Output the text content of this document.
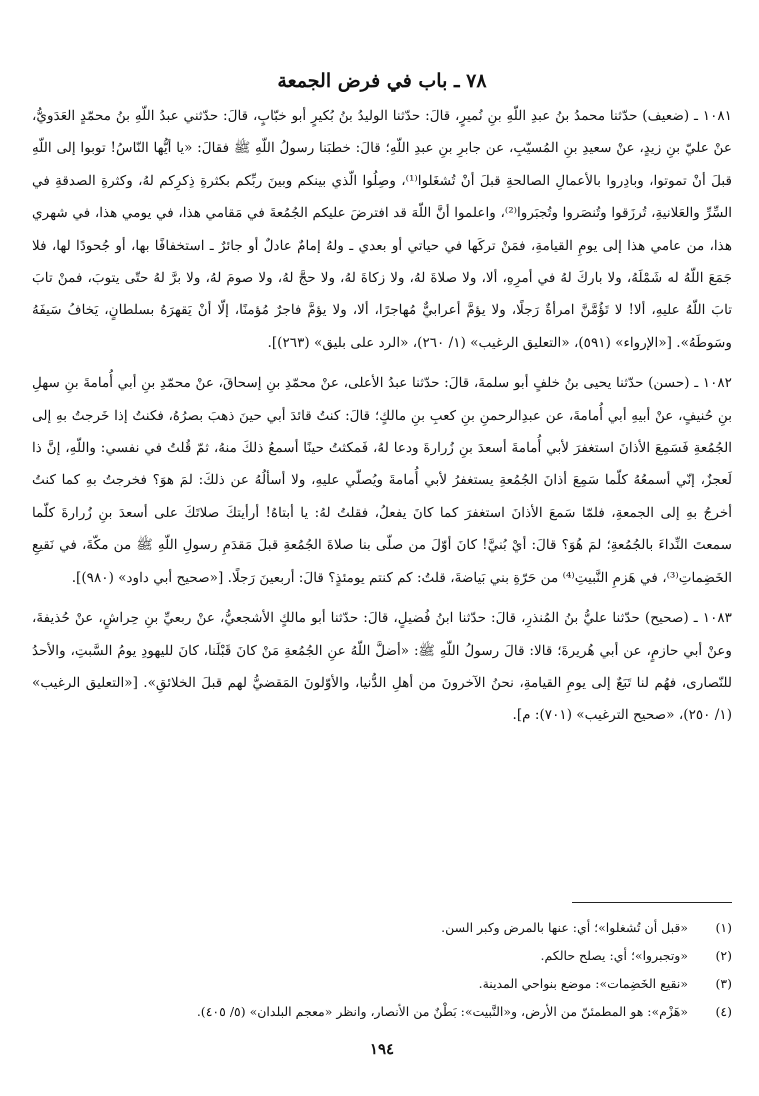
٧٨ ـ باب في فرض الجمعة

١٠٨١ ـ (ضعيف) حدّثنا محمدُ بنُ عبدِ اللّهِ بنِ نُميرٍ، قالَ: حدّثنا الوليدُ بنُ بُكيرٍ أبو خبّابٍ، قالَ: حدّثني عبدُ اللّهِ بنُ محمّدٍ العَدَويُّ، عنْ عليّ بنِ زيدٍ، عنْ سعيدِ بنِ المُسيّبِ، عن جابرِ بنِ عبدِ اللّهِ؛ قالَ: خطبَنا رسولُ اللّهِ ﷺ فقالَ: «يا أيُّها النّاسُ! توبوا إلى اللّهِ قبلَ أنْ تموتوا، وبادِروا بالأعمالِ الصالحةِ قبلَ أنْ تُشغَلوا⁽¹⁾، وصِلُوا الّذي بينكم وبينَ ربِّكم بكثرةِ ذِكرِكم لهُ، وكثرةِ الصدقةِ في السِّرِّ والعَلانيةِ، تُرزَقوا وتُنصَروا وتُجبَروا⁽²⁾، واعلموا أنَّ اللّهَ قد افترضَ عليكم الجُمُعةَ في مَقامي هذا، في يومي هذا، في شهري هذا، من عامي هذا إلى يومِ القيامةِ، فمَنْ تركَها في حياتي أو بعدي ـ ولهُ إمامٌ عادلٌ أو جائرٌ ـ استخفافًا بها، أو جُحودًا لها، فلا جَمَعَ اللّهُ له شَمْلَهُ، ولا باركَ لهُ في أمرِهِ، ألا، ولا صلاةَ لهُ، ولا زكاةَ لهُ، ولا حجَّ لهُ، ولا صومَ لهُ، ولا برَّ لهُ حتّى يتوبَ، فمنْ تابَ تابَ اللّهُ عليهِ، ألا! لا تَؤُمَّنَّ امرأةٌ رَجلًا، ولا يؤمَّ أعرابيٌّ مُهاجرًا، ألا، ولا يؤمَّ فاجرٌ مُؤمنًا، إلّا أنْ يَقهرَهُ بسلطانٍ، يَخافُ سَيفَهُ وسَوطَهُ». [«الإرواء» (٥٩١)، «التعليق الرغيب» (١/ ٢٦٠)، «الرد على بليق» (٢٦٣)].

١٠٨٢ ـ (حسن) حدّثنا يحيى بنُ خلفٍ أبو سلمةَ، قالَ: حدّثنا عبدُ الأعلى، عنْ محمّدِ بنِ إسحاقَ، عنْ محمّدِ بنِ أبي أُمامةَ بنِ سهلِ بنِ حُنيفٍ، عنْ أبيهِ أبي أُمامةَ، عن عبدِالرحمنِ بنِ كعبِ بنِ مالكٍ؛ قالَ: كنتُ قائدَ أبي حينَ ذهبَ بصرُهُ، فكنتُ إذا خَرجتُ بهِ إلى الجُمُعةِ فَسَمِعَ الأذانَ استغفرَ لأبي أُمامةَ أسعدَ بنِ زُرارةَ ودعا لهُ، فَمكثتُ حينًا أسمعُ ذلكَ منهُ، ثمّ قُلتُ في نفسي: واللّهِ، إنَّ ذا لَعجزٌ، إنّي أسمعُهُ كلّما سَمِعَ أذانَ الجُمُعةِ يستغفرُ لأبي أُمامةَ ويُصلّي عليهِ، ولا أسألُهُ عن ذلكَ: لمَ هوَ؟ فخرجتُ بهِ كما كنتُ أخرجُ بهِ إلى الجمعةِ، فلمّا سَمعَ الأذانَ استغفرَ كما كانَ يفعلُ، فقلتُ لهُ: يا أبتاهُ! أرأيتكَ صلاتَكَ على أسعدَ بنِ زُرارةَ كلّما سمعتَ النِّداءَ بالجُمُعةِ؛ لمَ هُوَ؟ قالَ: أيْ بُنيَّ! كانَ أوّلَ من صلّى بنا صلاةَ الجُمُعةِ قبلَ مَقدَمِ رسولِ اللّهِ ﷺ من مكّةَ، في نَقيعِ الخَضِماتِ⁽³⁾، في هَزمِ النَّبيتِ⁽⁴⁾ من حَرّةِ بني بَياضةَ، قلتُ: كم كنتم يومئذٍ؟ قالَ: أربعينَ رَجلًا. [«صحيح أبي داود» (٩٨٠)].

١٠٨٣ ـ (صحيح) حدّثنا عليُّ بنُ المُنذرِ، قالَ: حدّثنا ابنُ فُضيلٍ، قالَ: حدّثنا أبو مالكٍ الأشجعيُّ، عنْ ربعيِّ بنِ حِراشٍ، عنْ حُذيفةَ، وعنْ أبي حازمٍ، عن أبي هُريرةَ؛ قالا: قالَ رسولُ اللّهِ ﷺ: «أضلَّ اللّهُ عنِ الجُمُعةِ مَنْ كانَ قَبْلَنا، كانَ لليهودِ يومُ السَّبتِ، والأحدُ للنّصارى، فهُم لنا تَبَعٌ إلى يومِ القيامةِ، نحنُ الآخرونَ من أهلِ الدُّنيا، والأوّلونَ المَقضيُّ لهم قبلَ الخلائقِ». [«التعليق الرغيب» (١/ ٢٥٠)، «صحيح الترغيب» (٧٠١): م].

(١)
«قبل أن تُشغلوا»؛ أي: عنها بالمرض وكبر السن.
(٢)
«وتجبروا»؛ أي: يصلح حالكم.
(٣)
«نقيع الخَضِمات»: موضع بنواحي المدينة.
(٤)
«هَزْم»: هو المطمئنّ من الأرض، و«النَّبيت»: بَطْنٌ من الأنصار، وانظر «معجم البلدان» (٥/ ٤٠٥).
١٩٤
